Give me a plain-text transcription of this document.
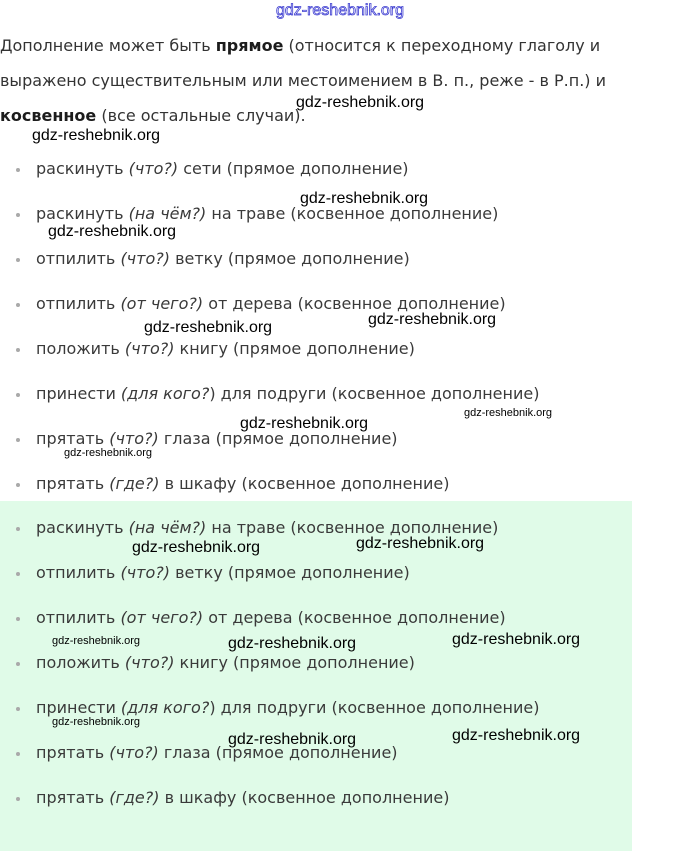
gdz-reshebnik.org
Дополнение может быть прямое (относится к переходному глаголу и выражено существительным или местоимением в В. п., реже - в Р.п.) и косвенное (все остальные случаи).
раскинуть (что?) сети (прямое дополнение)
раскинуть (на чём?) на траве (косвенное дополнение)
отпилить (что?) ветку (прямое дополнение)
отпилить (от чего?) от дерева (косвенное дополнение)
положить (что?) книгу (прямое дополнение)
принести (для кого?) для подруги (косвенное дополнение)
прятать (что?) глаза (прямое дополнение)
прятать (где?) в шкафу (косвенное дополнение)
раскинуть (на чём?) на траве (косвенное дополнение)
отпилить (что?) ветку (прямое дополнение)
отпилить (от чего?) от дерева (косвенное дополнение)
положить (что?) книгу (прямое дополнение)
принести (для кого?) для подруги (косвенное дополнение)
прятать (что?) глаза (прямое дополнение)
прятать (где?) в шкафу (косвенное дополнение)
gdz-reshebnik.org
gdz-reshebnik.org
gdz-reshebnik.org
gdz-reshebnik.org
gdz-reshebnik.org	gdz-reshebnik.org
gdz-reshebnik.org
gdz-reshebnik.org
gdz-reshebnik.org
gdz-reshebnik.org	gdz-reshebnik.org
gdz-reshebnik.org	gdz-reshebnik.org	gdz-reshebnik.org
gdz-reshebnik.org
gdz-reshebnik.org	gdz-reshebnik.org
